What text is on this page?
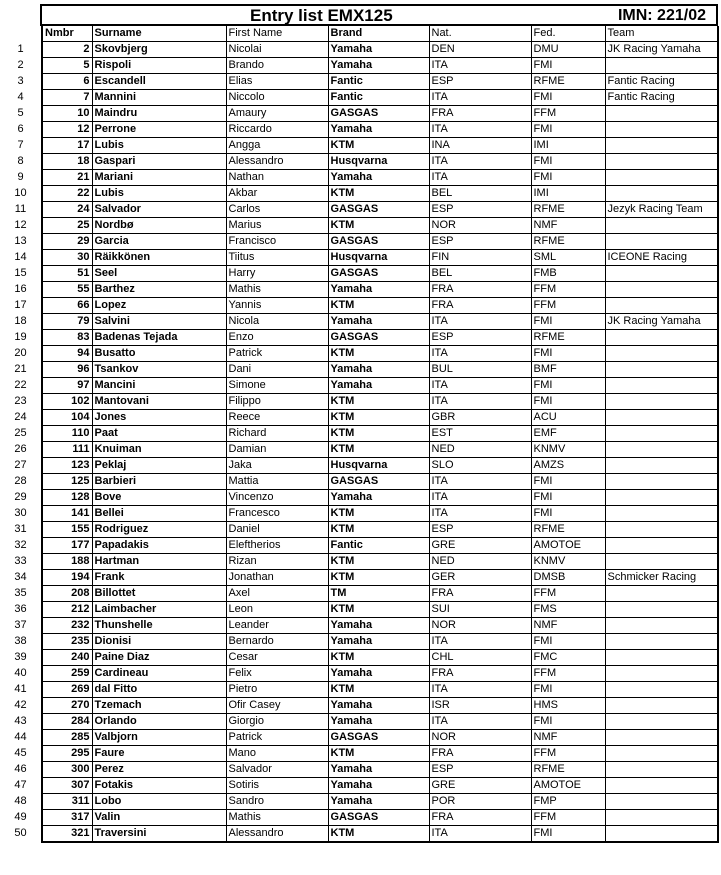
Entry list EMX125	IMN: 221/02
	Nmbr	Surname	First Name	Brand	Nat.	Fed.	Team
1	2	Skovbjerg	Nicolai	Yamaha	DEN	DMU	JK Racing Yamaha
2	5	Rispoli	Brando	Yamaha	ITA	FMI	
3	6	Escandell	Elias	Fantic	ESP	RFME	Fantic Racing
4	7	Mannini	Niccolo	Fantic	ITA	FMI	Fantic Racing
5	10	Maindru	Amaury	GASGAS	FRA	FFM	
6	12	Perrone	Riccardo	Yamaha	ITA	FMI	
7	17	Lubis	Angga	KTM	INA	IMI	
8	18	Gaspari	Alessandro	Husqvarna	ITA	FMI	
9	21	Mariani	Nathan	Yamaha	ITA	FMI	
10	22	Lubis	Akbar	KTM	BEL	IMI	
11	24	Salvador	Carlos	GASGAS	ESP	RFME	Jezyk Racing Team
12	25	Nordbø	Marius	KTM	NOR	NMF	
13	29	Garcia	Francisco	GASGAS	ESP	RFME	
14	30	Räikkönen	Tiitus	Husqvarna	FIN	SML	ICEONE Racing
15	51	Seel	Harry	GASGAS	BEL	FMB	
16	55	Barthez	Mathis	Yamaha	FRA	FFM	
17	66	Lopez	Yannis	KTM	FRA	FFM	
18	79	Salvini	Nicola	Yamaha	ITA	FMI	JK Racing Yamaha
19	83	Badenas Tejada	Enzo	GASGAS	ESP	RFME	
20	94	Busatto	Patrick	KTM	ITA	FMI	
21	96	Tsankov	Dani	Yamaha	BUL	BMF	
22	97	Mancini	Simone	Yamaha	ITA	FMI	
23	102	Mantovani	Filippo	KTM	ITA	FMI	
24	104	Jones	Reece	KTM	GBR	ACU	
25	110	Paat	Richard	KTM	EST	EMF	
26	111	Knuiman	Damian	KTM	NED	KNMV	
27	123	Peklaj	Jaka	Husqvarna	SLO	AMZS	
28	125	Barbieri	Mattia	GASGAS	ITA	FMI	
29	128	Bove	Vincenzo	Yamaha	ITA	FMI	
30	141	Bellei	Francesco	KTM	ITA	FMI	
31	155	Rodriguez	Daniel	KTM	ESP	RFME	
32	177	Papadakis	Eleftherios	Fantic	GRE	AMOTOE	
33	188	Hartman	Rizan	KTM	NED	KNMV	
34	194	Frank	Jonathan	KTM	GER	DMSB	Schmicker Racing
35	208	Billottet	Axel	TM	FRA	FFM	
36	212	Laimbacher	Leon	KTM	SUI	FMS	
37	232	Thunshelle	Leander	Yamaha	NOR	NMF	
38	235	Dionisi	Bernardo	Yamaha	ITA	FMI	
39	240	Paine Diaz	Cesar	KTM	CHL	FMC	
40	259	Cardineau	Felix	Yamaha	FRA	FFM	
41	269	dal Fitto	Pietro	KTM	ITA	FMI	
42	270	Tzemach	Ofir Casey	Yamaha	ISR	HMS	
43	284	Orlando	Giorgio	Yamaha	ITA	FMI	
44	285	Valbjorn	Patrick	GASGAS	NOR	NMF	
45	295	Faure	Mano	KTM	FRA	FFM	
46	300	Perez	Salvador	Yamaha	ESP	RFME	
47	307	Fotakis	Sotiris	Yamaha	GRE	AMOTOE	
48	311	Lobo	Sandro	Yamaha	POR	FMP	
49	317	Valin	Mathis	GASGAS	FRA	FFM	
50	321	Traversini	Alessandro	KTM	ITA	FMI	
